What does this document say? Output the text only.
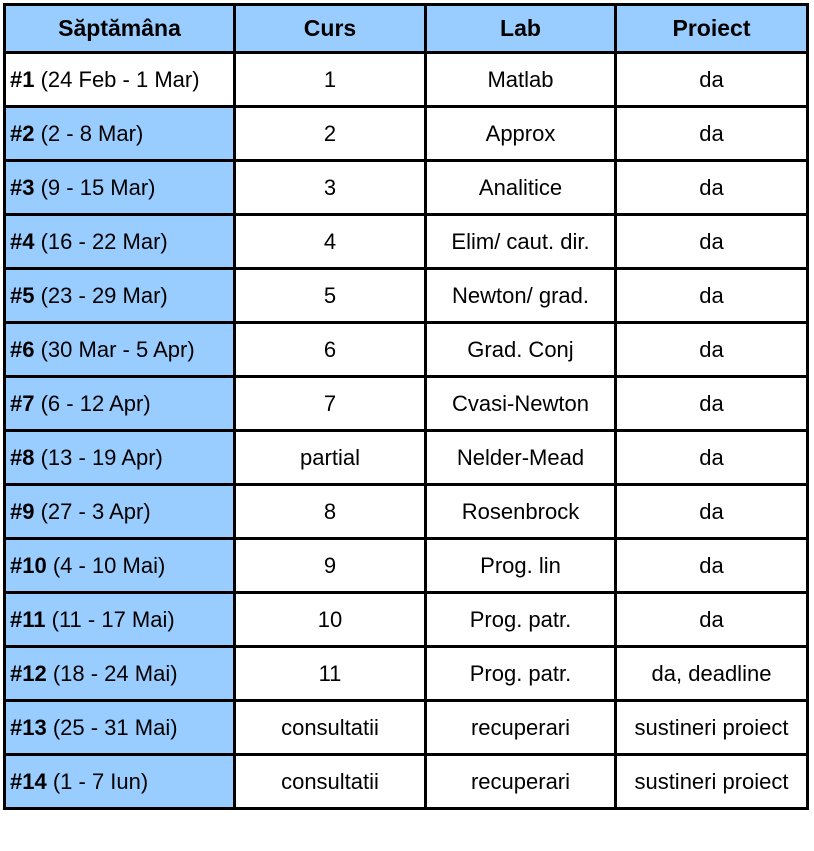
Săptămâna	Curs	Lab	Proiect
#1 (24 Feb - 1 Mar)	1	Matlab	da
#2 (2 - 8 Mar)	2	Approx	da
#3 (9 - 15 Mar)	3	Analitice	da
#4 (16 - 22 Mar)	4	Elim/ caut. dir.	da
#5 (23 - 29 Mar)	5	Newton/ grad.	da
#6 (30 Mar - 5 Apr)	6	Grad. Conj	da
#7 (6 - 12 Apr)	7	Cvasi-Newton	da
#8 (13 - 19 Apr)	partial	Nelder-Mead	da
#9 (27 - 3 Apr)	8	Rosenbrock	da
#10 (4 - 10 Mai)	9	Prog. lin	da
#11 (11 - 17 Mai)	10	Prog. patr.	da
#12 (18 - 24 Mai)	11	Prog. patr.	da, deadline
#13 (25 - 31 Mai)	consultatii	recuperari	sustineri proiect
#14 (1 - 7 Iun)	consultatii	recuperari	sustineri proiect
